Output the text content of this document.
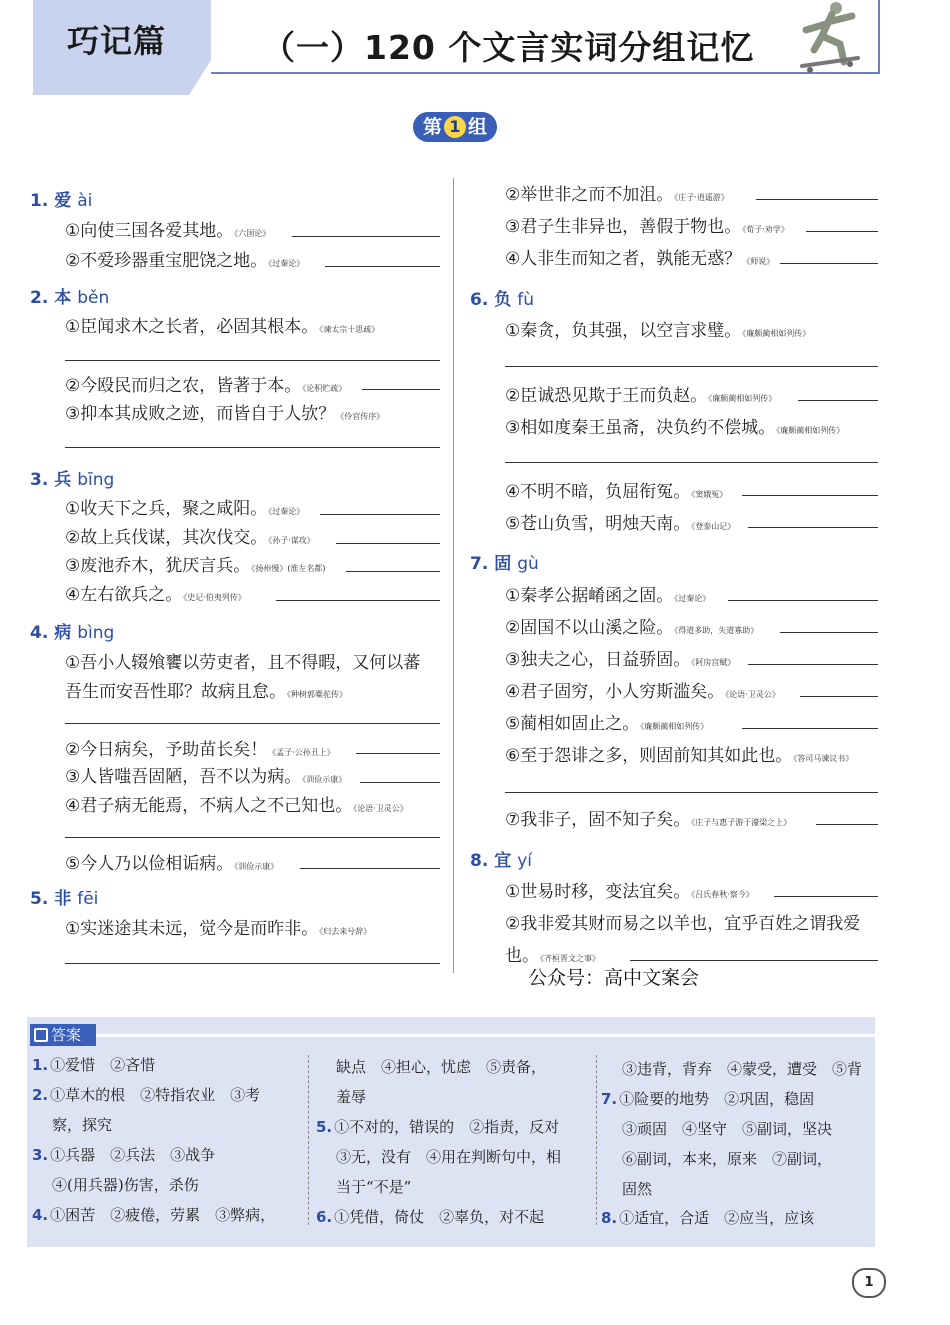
巧记篇	（一）120 个文言实词分组记忆
第 1 组
1. 爱 ài
①向使三国各爱其地。《六国论》
②不爱珍器重宝肥饶之地。《过秦论》
2. 本 běn
①臣闻求木之长者，必固其根本。《谏太宗十思疏》
②今殴民而归之农，皆著于本。《论积贮疏》
③抑本其成败之迹，而皆自于人欤？《伶官传序》
3. 兵 bīng
①收天下之兵，聚之咸阳。《过秦论》
②故上兵伐谋，其次伐交。《孙子·谋攻》
③废池乔木，犹厌言兵。《扬州慢》(淮左名都)
④左右欲兵之。《史记·伯夷列传》
4. 病 bìng
①吾小人辍飧饔以劳吏者，且不得暇，又何以蕃
吾生而安吾性耶？故病且怠。《种树郭橐驼传》
②今日病矣，予助苗长矣！《孟子·公孙丑上》
③人皆嗤吾固陋，吾不以为病。《训俭示康》
④君子病无能焉，不病人之不己知也。《论语·卫灵公》
⑤今人乃以俭相诟病。《训俭示康》
5. 非 fēi
①实迷途其未远，觉今是而昨非。《归去来兮辞》
②举世非之而不加沮。《庄子·逍遥游》
③君子生非异也，善假于物也。《荀子·劝学》
④人非生而知之者，孰能无惑？《师说》
6. 负 fù
①秦贪，负其强，以空言求璧。《廉颇蔺相如列传》
②臣诚恐见欺于王而负赵。《廉颇蔺相如列传》
③相如度秦王虽斋，决负约不偿城。《廉颇蔺相如列传》
④不明不暗，负屈衔冤。《窦娥冤》
⑤苍山负雪，明烛天南。《登泰山记》
7. 固 gù
①秦孝公据崤函之固。《过秦论》
②固国不以山溪之险。《得道多助，失道寡助》
③独夫之心，日益骄固。《阿房宫赋》
④君子固穷，小人穷斯滥矣。《论语·卫灵公》
⑤蔺相如固止之。《廉颇蔺相如列传》
⑥至于怨诽之多，则固前知其如此也。《答司马谏议书》
⑦我非子，固不知子矣。《庄子与惠子游于濠梁之上》
8. 宜 yí
①世易时移，变法宜矣。《吕氏春秋·察今》
②我非爱其财而易之以羊也，宜乎百姓之谓我爱
也。《齐桓晋文之事》
公众号：高中文案会
答案
1. ①爱惜　②吝惜
2. ①草木的根　②特指农业　③考
察，探究
3. ①兵器　②兵法　③战争
④(用兵器)伤害，杀伤
4. ①困苦　②疲倦，劳累　③弊病，
缺点　④担心，忧虑　⑤责备，
羞辱
5. ①不对的，错误的　②指责，反对
③无，没有　④用在判断句中，相
当于“不是”
6. ①凭借，倚仗　②辜负，对不起
③违背，背弃　④蒙受，遭受　⑤背
7. ①险要的地势　②巩固，稳固
③顽固　④坚守　⑤副词，坚决
⑥副词，本来，原来　⑦副词，
固然
8. ①适宜，合适　②应当，应该
1
